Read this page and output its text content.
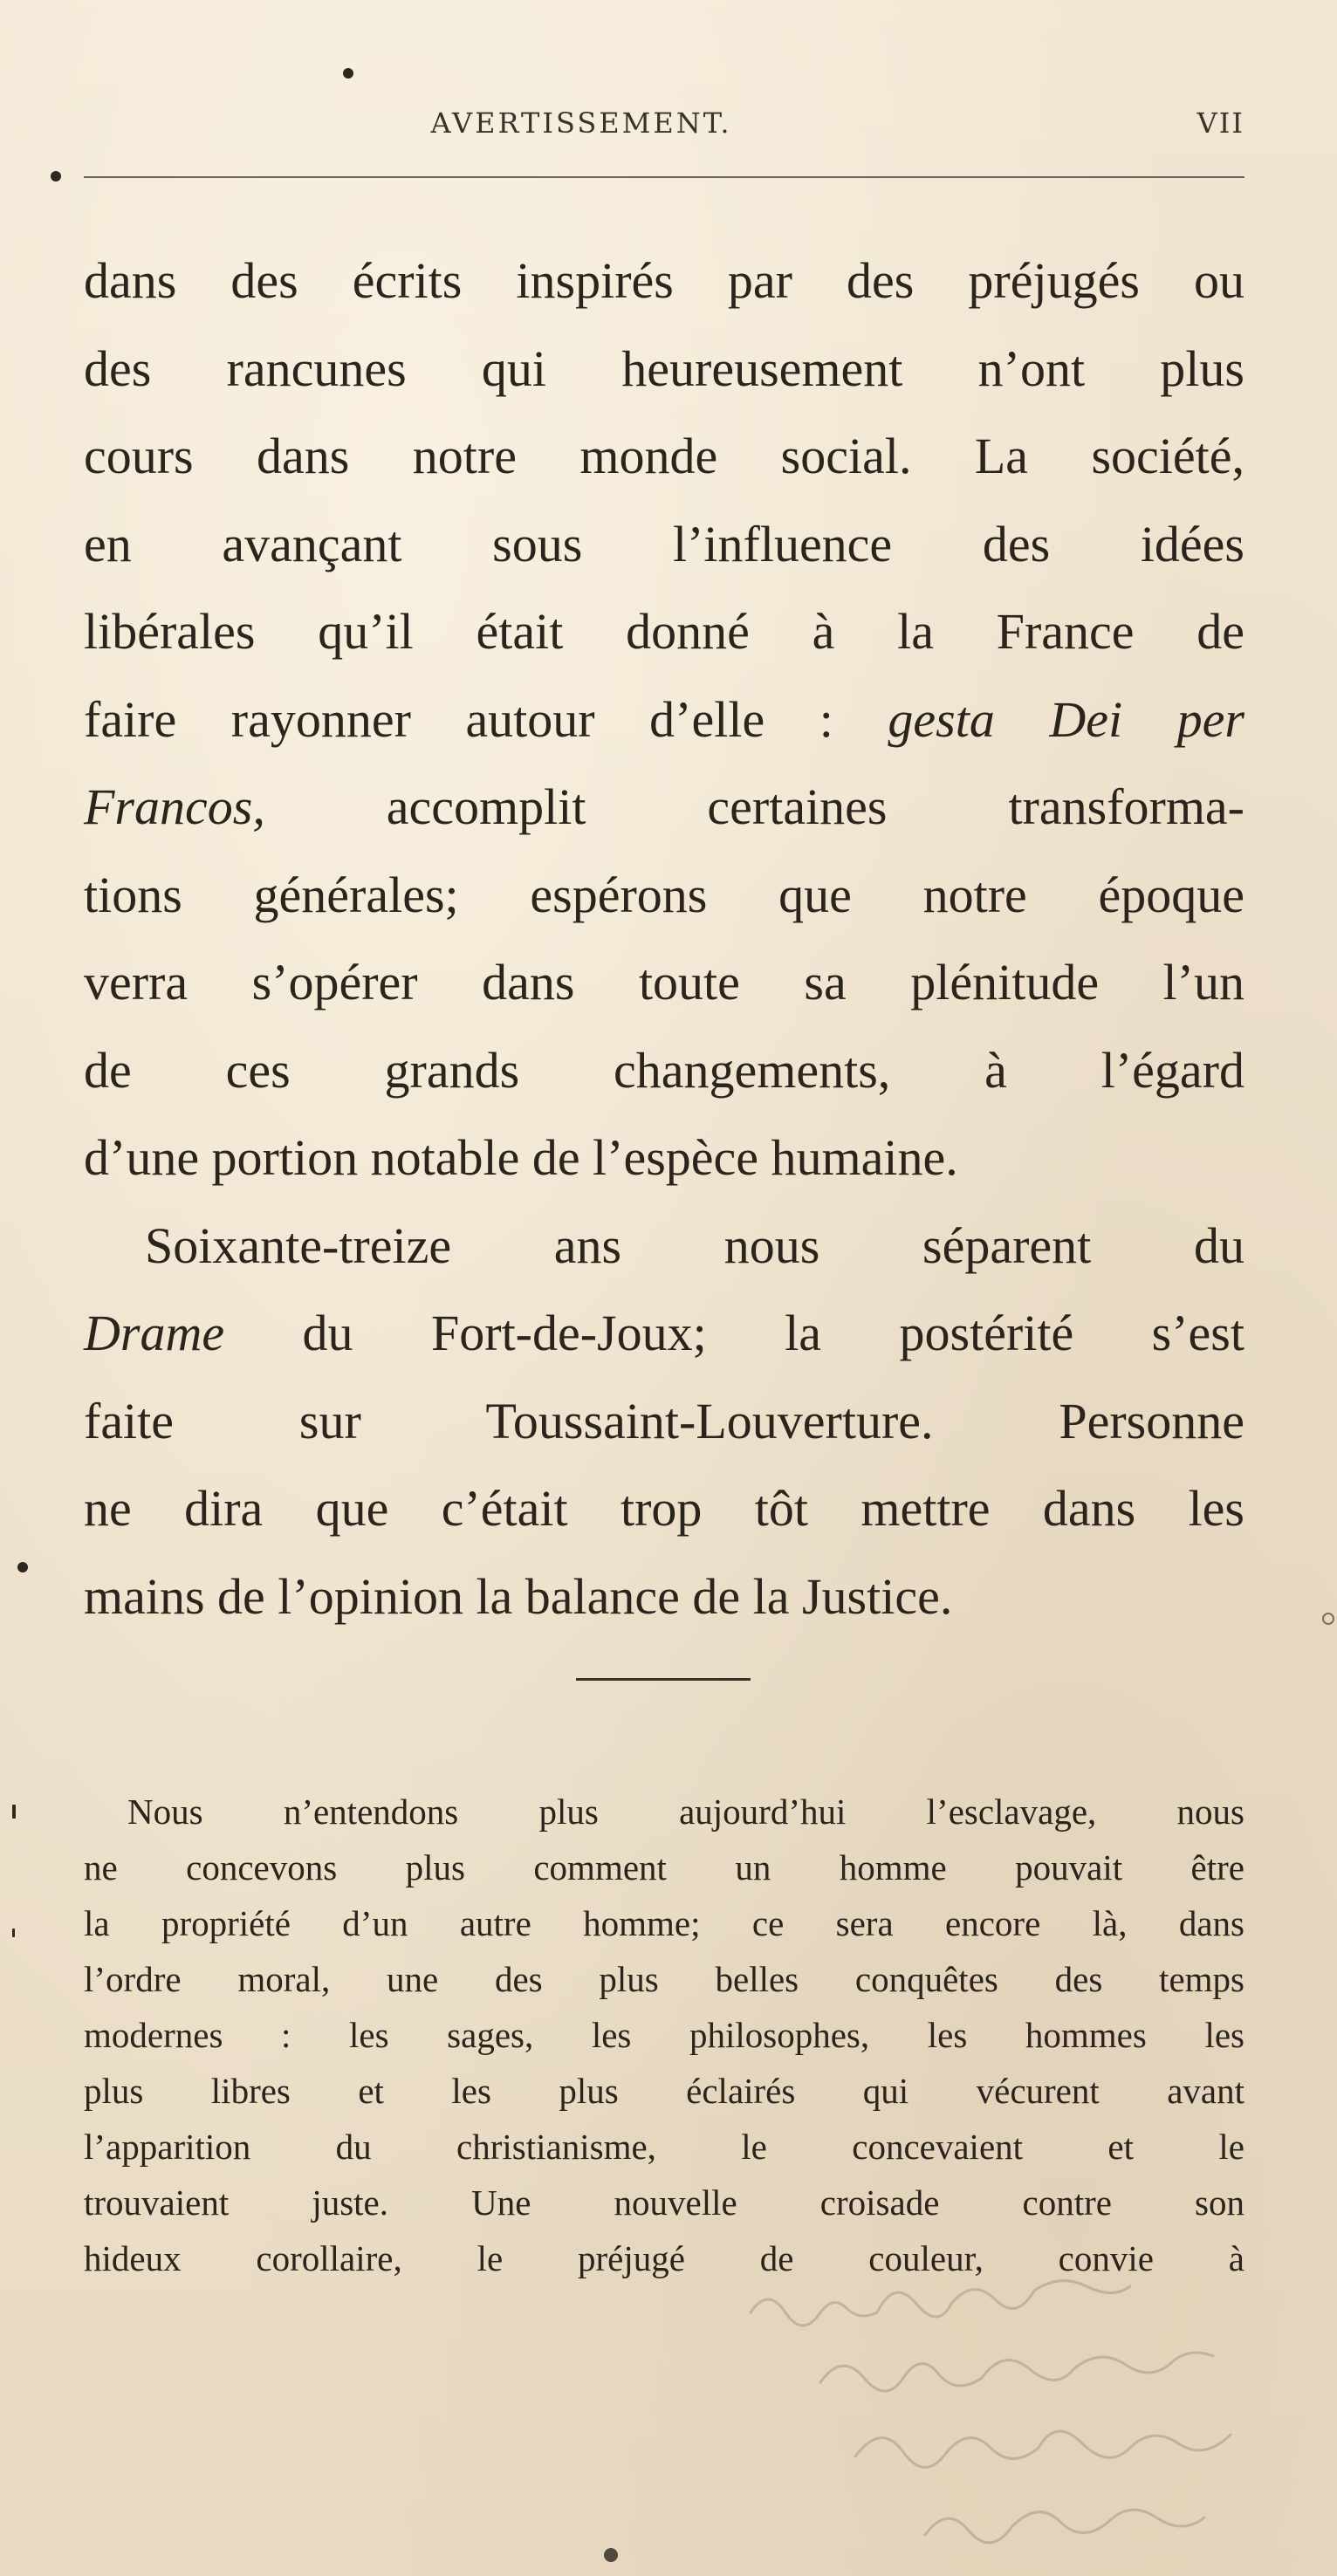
AVERTISSEMENT.	VII
dans des écrits inspirés par des préjugés ou
des rancunes qui heureusement n’ont plus
cours dans notre monde social. La société,
en avançant sous l’influence des idées
libérales qu’il était donné à la France de
faire rayonner autour d’elle : gesta Dei per
Francos, accomplit certaines transforma-
tions générales; espérons que notre époque
verra s’opérer dans toute sa plénitude l’un
de ces grands changements, à l’égard
d’une portion notable de l’espèce humaine.
Soixante-treize ans nous séparent du
Drame du Fort-de-Joux; la postérité s’est
faite sur Toussaint-Louverture. Personne
ne dira que c’était trop tôt mettre dans les
mains de l’opinion la balance de la Justice.
Nous n’entendons plus aujourd’hui l’esclavage, nous
ne concevons plus comment un homme pouvait être
la propriété d’un autre homme; ce sera encore là, dans
l’ordre moral, une des plus belles conquêtes des temps
modernes : les sages, les philosophes, les hommes les
plus libres et les plus éclairés qui vécurent avant
l’apparition du christianisme, le concevaient et le
trouvaient juste. Une nouvelle croisade contre son
hideux corollaire, le préjugé de couleur, convie à
